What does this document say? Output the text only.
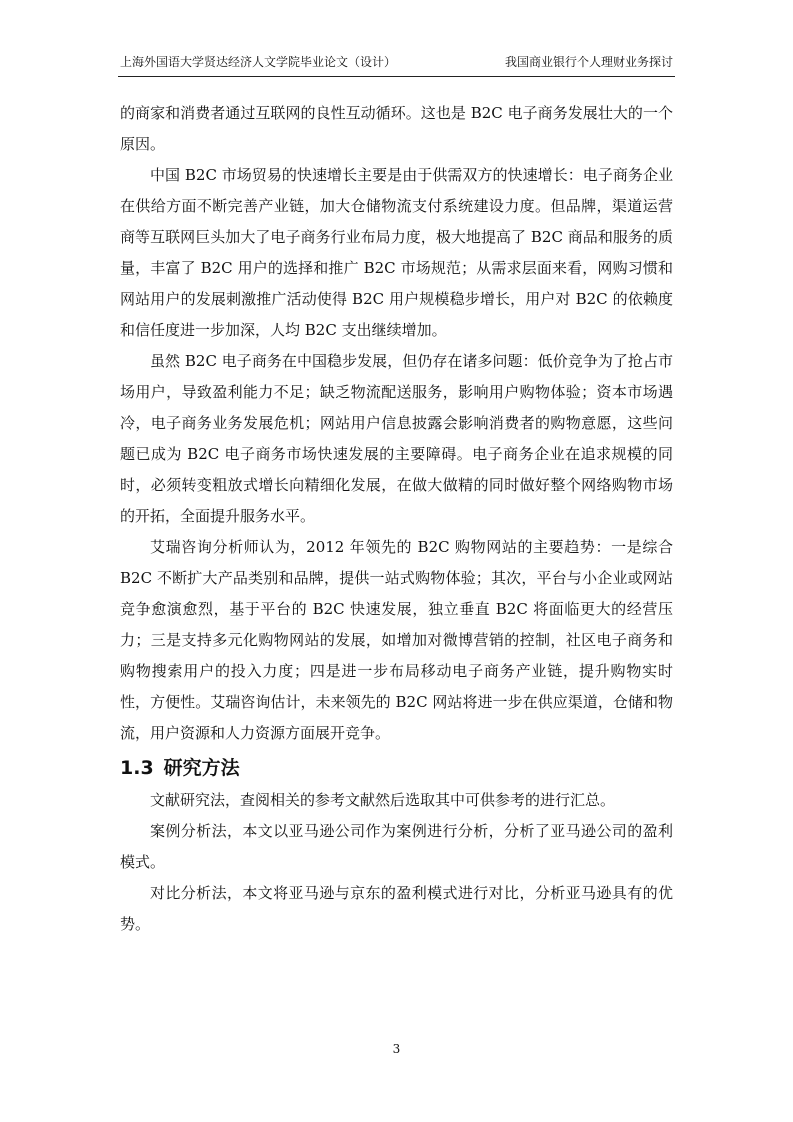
上海外国语大学贤达经济人文学院毕业论文（设计）	我国商业银行个人理财业务探讨

的商家和消费者通过互联网的良性互动循环。这也是 B2C 电子商务发展壮大的一个原因。

中国 B2C 市场贸易的快速增长主要是由于供需双方的快速增长：电子商务企业在供给方面不断完善产业链，加大仓储物流支付系统建设力度。但品牌，渠道运营商等互联网巨头加大了电子商务行业布局力度，极大地提高了 B2C 商品和服务的质量，丰富了 B2C 用户的选择和推广 B2C 市场规范；从需求层面来看，网购习惯和网站用户的发展刺激推广活动使得 B2C 用户规模稳步增长，用户对 B2C 的依赖度和信任度进一步加深，人均 B2C 支出继续增加。

虽然 B2C 电子商务在中国稳步发展，但仍存在诸多问题：低价竞争为了抢占市场用户，导致盈利能力不足；缺乏物流配送服务，影响用户购物体验；资本市场遇冷，电子商务业务发展危机；网站用户信息披露会影响消费者的购物意愿，这些问题已成为 B2C 电子商务市场快速发展的主要障碍。电子商务企业在追求规模的同时，必须转变粗放式增长向精细化发展，在做大做精的同时做好整个网络购物市场的开拓，全面提升服务水平。

艾瑞咨询分析师认为，2012 年领先的 B2C 购物网站的主要趋势：一是综合 B2C 不断扩大产品类别和品牌，提供一站式购物体验；其次，平台与小企业或网站竞争愈演愈烈，基于平台的 B2C 快速发展，独立垂直 B2C 将面临更大的经营压力；三是支持多元化购物网站的发展，如增加对微博营销的控制，社区电子商务和购物搜索用户的投入力度；四是进一步布局移动电子商务产业链，提升购物实时性，方便性。艾瑞咨询估计，未来领先的 B2C 网站将进一步在供应渠道，仓储和物流，用户资源和人力资源方面展开竞争。

1.3 研究方法

文献研究法，查阅相关的参考文献然后选取其中可供参考的进行汇总。

案例分析法，本文以亚马逊公司作为案例进行分析，分析了亚马逊公司的盈利模式。

对比分析法，本文将亚马逊与京东的盈利模式进行对比，分析亚马逊具有的优势。

3
